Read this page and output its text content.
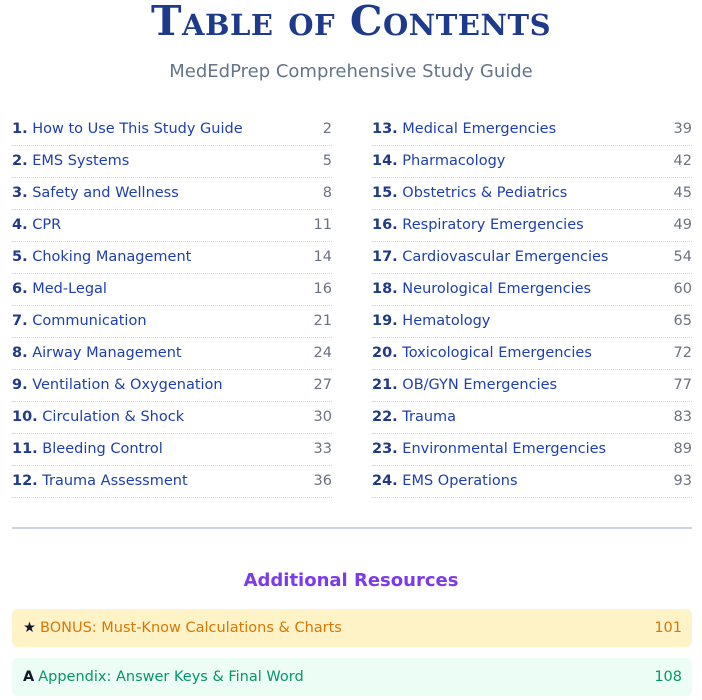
Table of Contents
MedEdPrep Comprehensive Study Guide
1. How to Use This Study Guide	2
2. EMS Systems	5
3. Safety and Wellness	8
4. CPR	11
5. Choking Management	14
6. Med-Legal	16
7. Communication	21
8. Airway Management	24
9. Ventilation & Oxygenation	27
10. Circulation & Shock	30
11. Bleeding Control	33
12. Trauma Assessment	36
13. Medical Emergencies	39
14. Pharmacology	42
15. Obstetrics & Pediatrics	45
16. Respiratory Emergencies	49
17. Cardiovascular Emergencies	54
18. Neurological Emergencies	60
19. Hematology	65
20. Toxicological Emergencies	72
21. OB/GYN Emergencies	77
22. Trauma	83
23. Environmental Emergencies	89
24. EMS Operations	93
Additional Resources
★ BONUS: Must-Know Calculations & Charts	101
A Appendix: Answer Keys & Final Word	108
